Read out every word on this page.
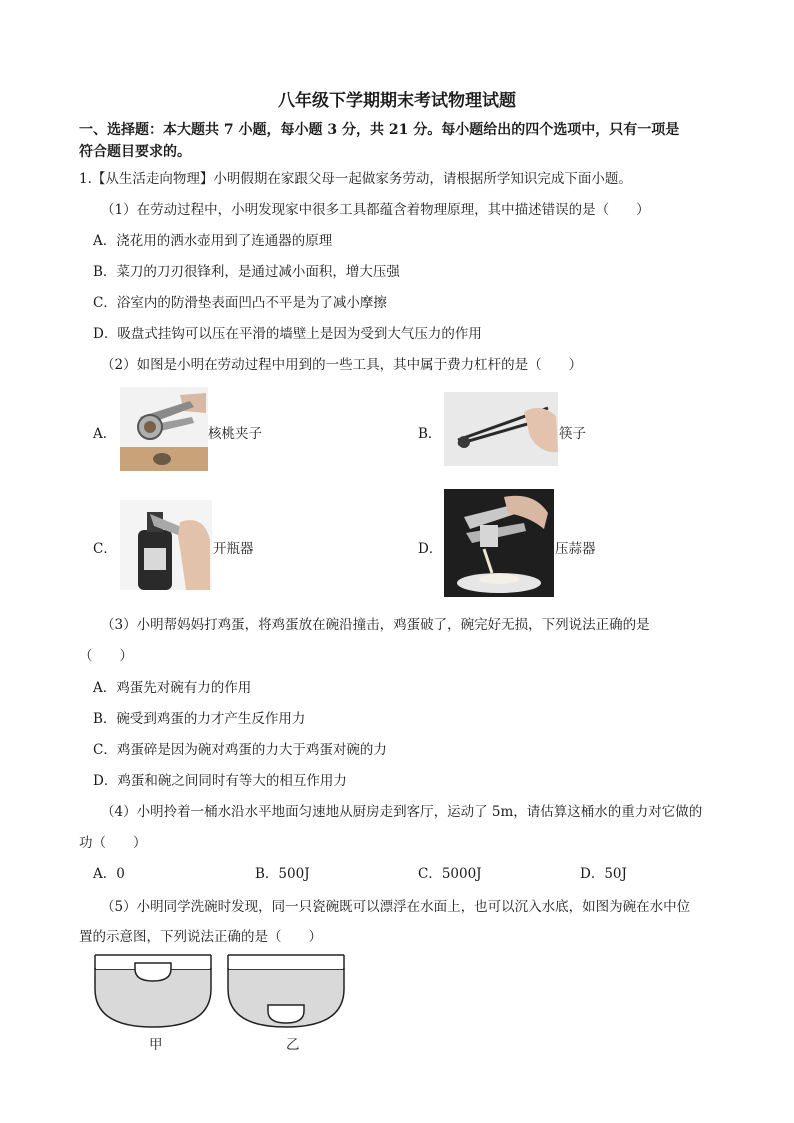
八年级下学期期末考试物理试题
一、选择题：本大题共 7 小题，每小题 3 分，共 21 分。每小题给出的四个选项中，只有一项是
符合题目要求的。
1.【从生活走向物理】小明假期在家跟父母一起做家务劳动，请根据所学知识完成下面小题。
（1）在劳动过程中，小明发现家中很多工具都蕴含着物理原理，其中描述错误的是（　　）
A．浇花用的洒水壶用到了连通器的原理
B．菜刀的刀刃很锋利，是通过减小面积，增大压强
C．浴室内的防滑垫表面凹凸不平是为了减小摩擦
D．吸盘式挂钩可以压在平滑的墙壁上是因为受到大气压力的作用
（2）如图是小明在劳动过程中用到的一些工具，其中属于费力杠杆的是（　　）
A．	核桃夹子	B．	筷子
C．	开瓶器	D．	压蒜器
（3）小明帮妈妈打鸡蛋，将鸡蛋放在碗沿撞击，鸡蛋破了，碗完好无损，下列说法正确的是
（　　）
A．鸡蛋先对碗有力的作用
B．碗受到鸡蛋的力才产生反作用力
C．鸡蛋碎是因为碗对鸡蛋的力大于鸡蛋对碗的力
D．鸡蛋和碗之间同时有等大的相互作用力
（4）小明拎着一桶水沿水平地面匀速地从厨房走到客厅，运动了 5m，请估算这桶水的重力对它做的
功（　　）
A．0	B．500J	C．5000J	D．50J
（5）小明同学洗碗时发现，同一只瓷碗既可以漂浮在水面上，也可以沉入水底，如图为碗在水中位
置的示意图，下列说法正确的是（　　）
甲	乙
